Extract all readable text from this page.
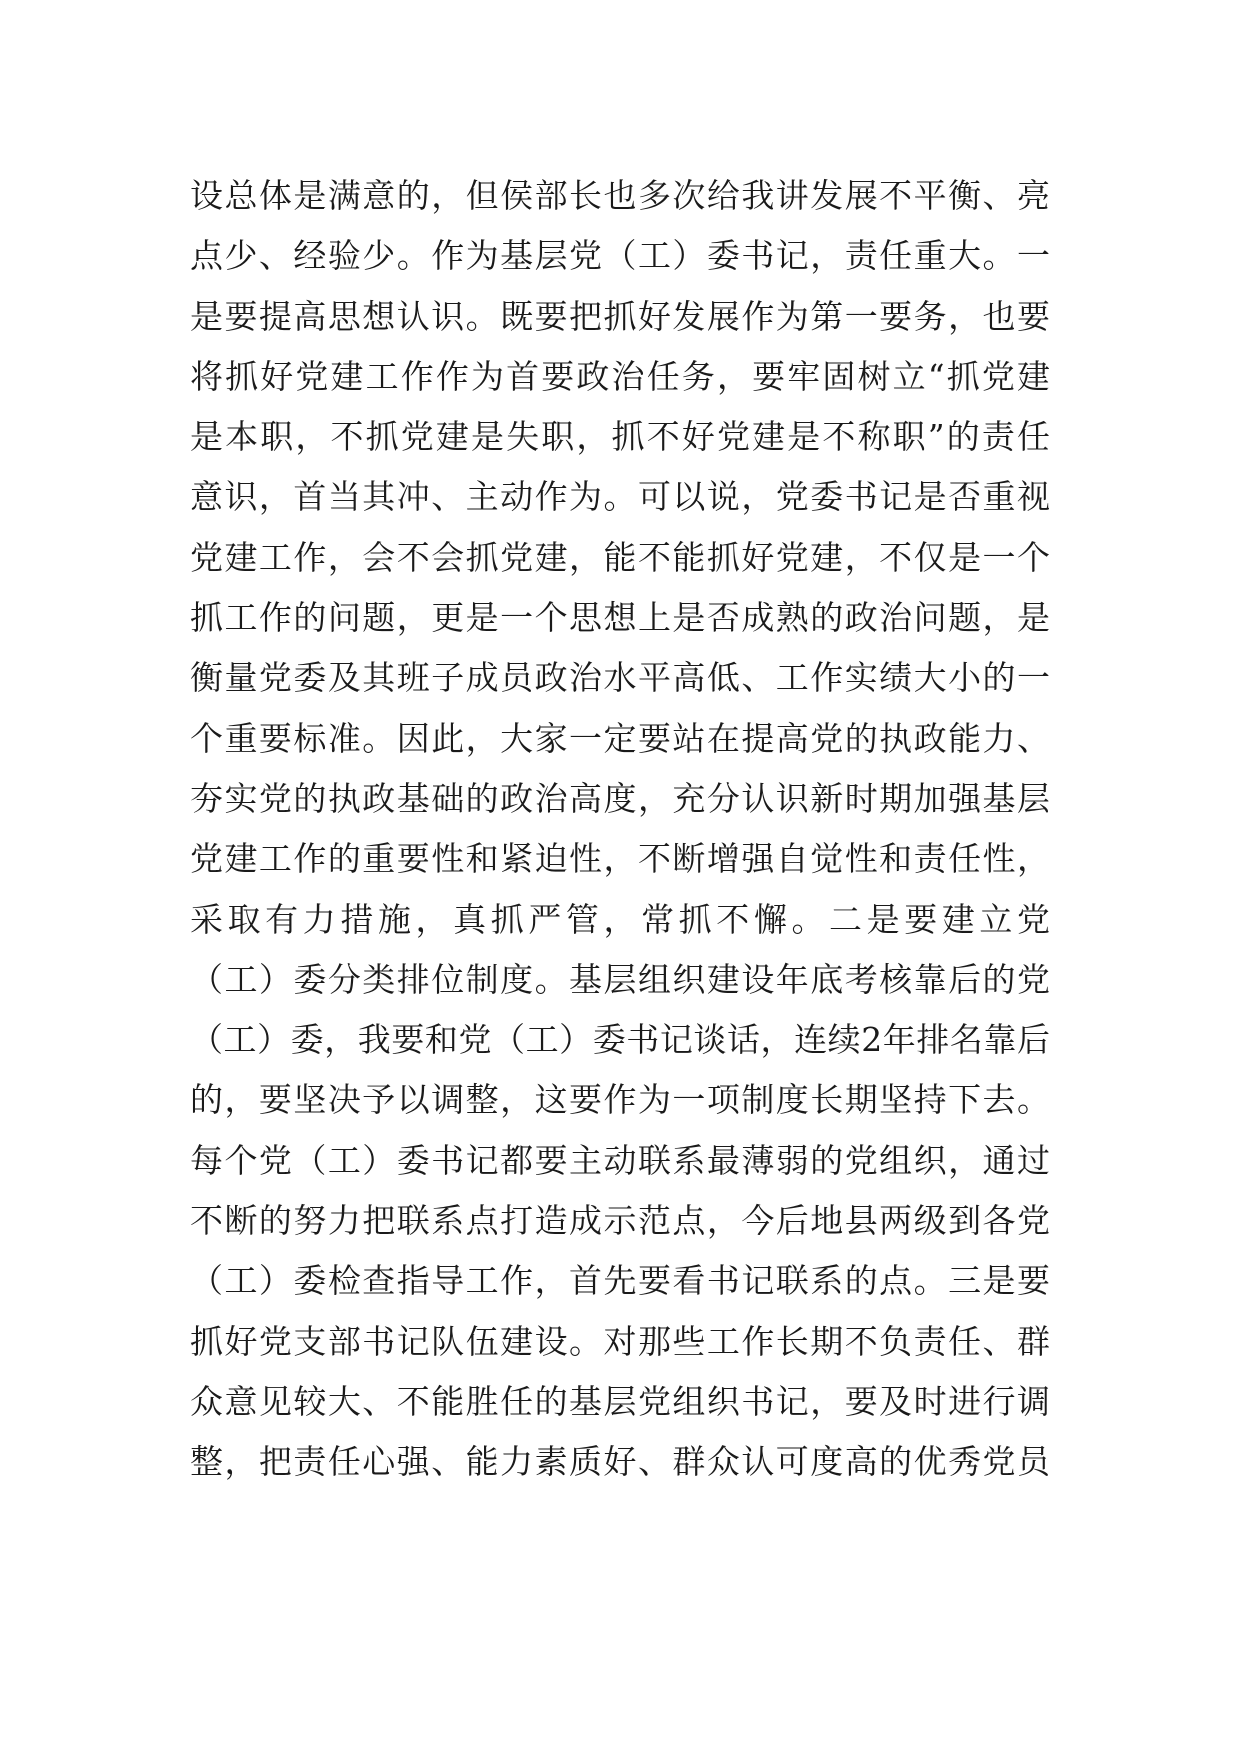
设总体是满意的，但侯部长也多次给我讲发展不平衡、亮
点少、经验少。作为基层党（工）委书记，责任重大。一
是要提高思想认识。既要把抓好发展作为第一要务，也要
将抓好党建工作作为首要政治任务，要牢固树立“抓党建
是本职，不抓党建是失职，抓不好党建是不称职”的责任
意识，首当其冲、主动作为。可以说，党委书记是否重视
党建工作，会不会抓党建，能不能抓好党建，不仅是一个
抓工作的问题，更是一个思想上是否成熟的政治问题，是
衡量党委及其班子成员政治水平高低、工作实绩大小的一
个重要标准。因此，大家一定要站在提高党的执政能力、
夯实党的执政基础的政治高度，充分认识新时期加强基层
党建工作的重要性和紧迫性，不断增强自觉性和责任性，
采取有力措施，真抓严管，常抓不懈。二是要建立党
（工）委分类排位制度。基层组织建设年底考核靠后的党
（工）委，我要和党（工）委书记谈话，连续2年排名靠后
的，要坚决予以调整，这要作为一项制度长期坚持下去。
每个党（工）委书记都要主动联系最薄弱的党组织，通过
不断的努力把联系点打造成示范点，今后地县两级到各党
（工）委检查指导工作，首先要看书记联系的点。三是要
抓好党支部书记队伍建设。对那些工作长期不负责任、群
众意见较大、不能胜任的基层党组织书记，要及时进行调
整，把责任心强、能力素质好、群众认可度高的优秀党员
